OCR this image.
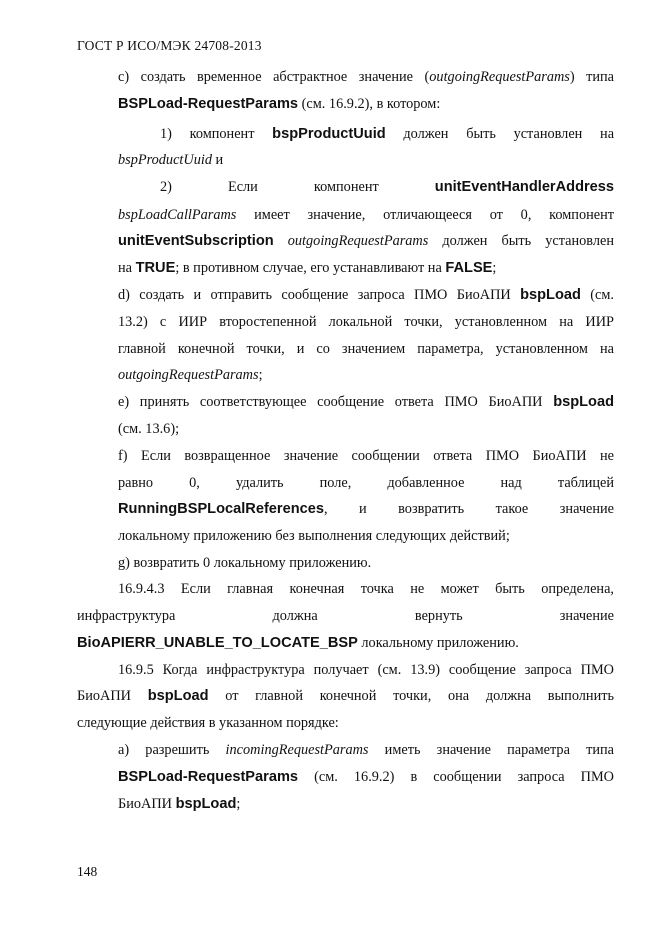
ГОСТ Р ИСО/МЭК 24708-2013
c) создать временное абстрактное значение (outgoingRequestParams) типа
BSPLoad-RequestParams (см. 16.9.2), в котором:
1) компонент bspProductUuid должен быть установлен на
bspProductUuid и
2) Если	компонент	unitEventHandlerAddress
bspLoadCallParams имеет значение, отличающееся от 0, компонент
unitEventSubscription outgoingRequestParams должен быть установлен
на TRUE; в противном случае, его устанавливают на FALSE;
d) создать и отправить сообщение запроса ПМО БиоАПИ bspLoad (см.
13.2) с ИИР второстепенной локальной точки, установленном на ИИР
главной конечной точки, и со значением параметра, установленном на
outgoingRequestParams;
e) принять соответствующее сообщение ответа ПМО БиоАПИ bspLoad
(см. 13.6);
f) Если возвращенное значение сообщении ответа ПМО БиоАПИ не
равно	0,	удалить	поле,	добавленное	над	таблицей
RunningBSPLocalReferences, и возвратить такое значение
локальному приложению без выполнения следующих действий;
g) возвратить 0 локальному приложению.
16.9.4.3 Если главная конечная точка не может быть определена,
инфраструктура	должна	вернуть	значение
BioAPIERR_UNABLE_TO_LOCATE_BSP локальному приложению.
16.9.5 Когда инфраструктура получает (см. 13.9) сообщение запроса ПМО
БиоАПИ bspLoad от главной конечной точки, она должна выполнить
следующие действия в указанном порядке:
a) разрешить incomingRequestParams иметь значение параметра типа
BSPLoad-RequestParams (см. 16.9.2) в сообщении запроса ПМО
БиоАПИ bspLoad;
148
